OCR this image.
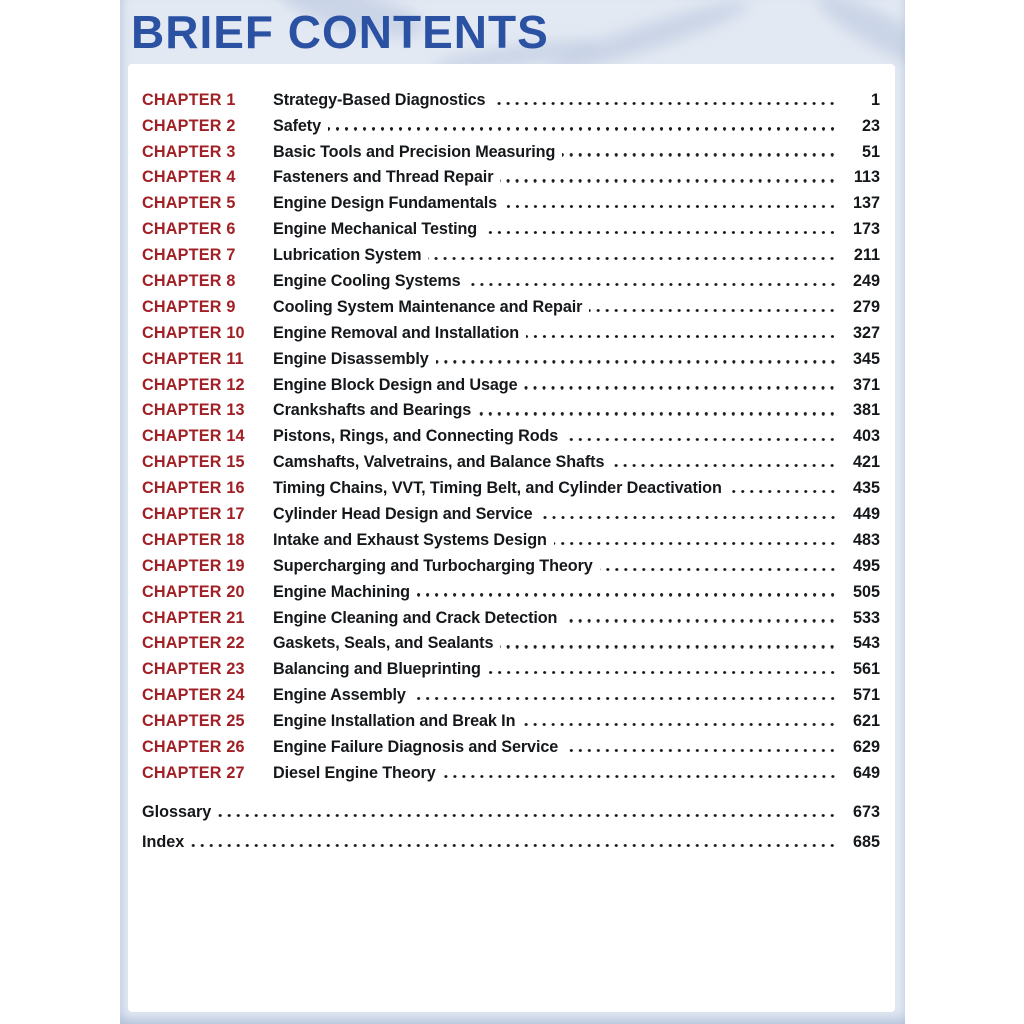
BRIEF CONTENTS
CHAPTER 1	Strategy-Based Diagnostics	1
CHAPTER 2	Safety	23
CHAPTER 3	Basic Tools and Precision Measuring	51
CHAPTER 4	Fasteners and Thread Repair	113
CHAPTER 5	Engine Design Fundamentals	137
CHAPTER 6	Engine Mechanical Testing	173
CHAPTER 7	Lubrication System	211
CHAPTER 8	Engine Cooling Systems	249
CHAPTER 9	Cooling System Maintenance and Repair	279
CHAPTER 10	Engine Removal and Installation	327
CHAPTER 11	Engine Disassembly	345
CHAPTER 12	Engine Block Design and Usage	371
CHAPTER 13	Crankshafts and Bearings	381
CHAPTER 14	Pistons, Rings, and Connecting Rods	403
CHAPTER 15	Camshafts, Valvetrains, and Balance Shafts	421
CHAPTER 16	Timing Chains, VVT, Timing Belt, and Cylinder Deactivation	435
CHAPTER 17	Cylinder Head Design and Service	449
CHAPTER 18	Intake and Exhaust Systems Design	483
CHAPTER 19	Supercharging and Turbocharging Theory	495
CHAPTER 20	Engine Machining	505
CHAPTER 21	Engine Cleaning and Crack Detection	533
CHAPTER 22	Gaskets, Seals, and Sealants	543
CHAPTER 23	Balancing and Blueprinting	561
CHAPTER 24	Engine Assembly	571
CHAPTER 25	Engine Installation and Break In	621
CHAPTER 26	Engine Failure Diagnosis and Service	629
CHAPTER 27	Diesel Engine Theory	649
Glossary	673
Index	685
